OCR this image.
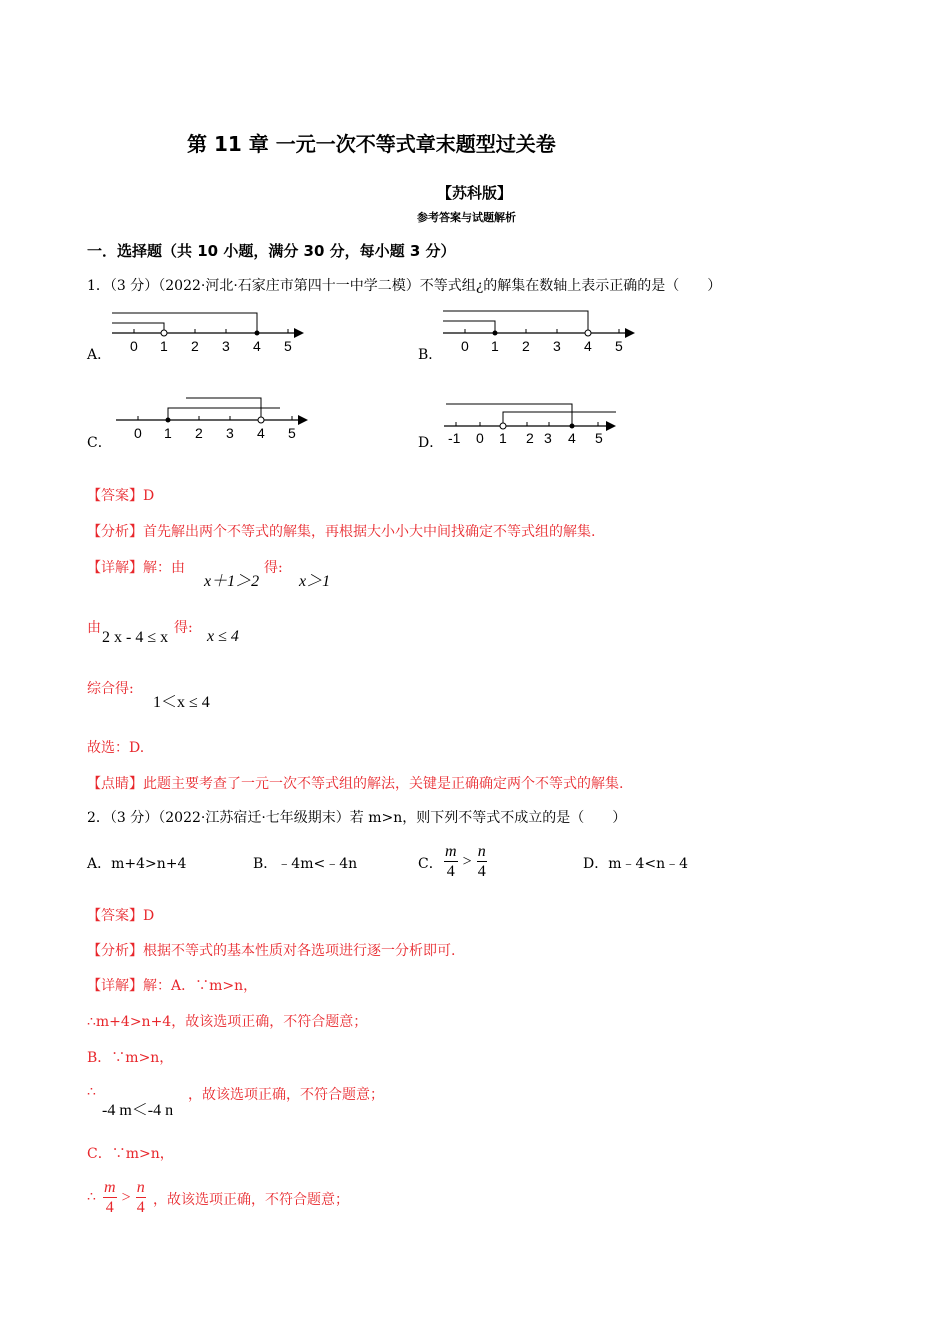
第 11 章 一元一次不等式章末题型过关卷
【苏科版】
参考答案与试题解析
一．选择题（共 10 小题，满分 30 分，每小题 3 分）
1．（3 分）（2022·河北·石家庄市第四十一中学二模）不等式组¿的解集在数轴上表示正确的是（　　）
A．
0 1 2 3 4 5
B．
0 1 2 3 4 5
C．
0 1 2 3 4 5
D． -1 0 1 2 3 4 5
【答案】D
【分析】首先解出两个不等式的解集，再根据大小小大中间找确定不等式组的解集.
【详解】解：由
x＋1＞2
得:
x＞1
由
2 x - 4 ≤ x
得: x ≤ 4
综合得:
1＜x ≤ 4
故选：D.
【点睛】此题主要考查了一元一次不等式组的解法，关键是正确确定两个不等式的解集.
2．（3 分）（2022·江苏宿迁·七年级期末）若 m>n，则下列不等式不成立的是（　　）
A．m+4>n+4	B．﹣4m<﹣4n	C． $\frac{m}{4} > \frac{n}{4}$	D．m﹣4<n﹣4
【答案】D
【分析】根据不等式的基本性质对各选项进行逐一分析即可.
【详解】解：A．∵m>n，
∴m+4>n+4，故该选项正确，不符合题意；
B．∵m>n，
∴
-4 m＜-4 n
，故该选项正确，不符合题意；
C．∵m>n，
∴ $\frac{m}{4} > \frac{n}{4}$ ，故该选项正确，不符合题意；
